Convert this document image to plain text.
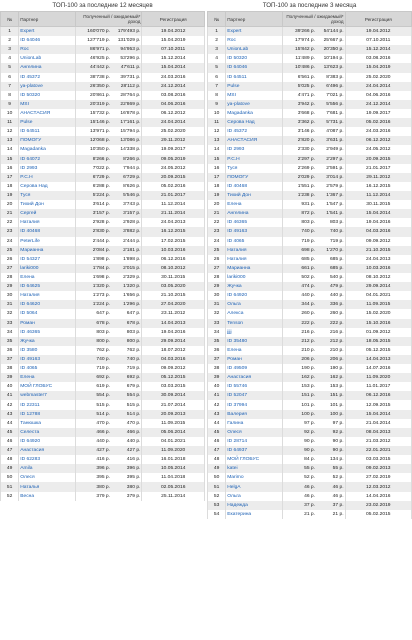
ТОП-100 за последние 12 месяцев
№	Партнер	Полученный / ожидаемый* доход	Регистрация
1	Expert	160'070 p. 179'493 p.	19.04.2012
2	ID 64046	127'719 p. 131'029 p.	15.04.2019
3	Roc	86'971 p. 94'953 p.	07.10.2011
4	UnionLab	46'925 p. 53'296 p.	15.12.2014
5	Ангелина	44'442 p. 47'611 p.	15.04.2014
6	ID 45372	38'738 p. 39'731 p.	24.03.2016
7	ya-platove	26'350 p. 28'112 p.	24.12.2014
8	ID 50320	20'861 p. 28'764 p.	03.08.2016
9	MSI	20'319 p. 22'869 p.	04.06.2016
10	АНАСТАСИЯ	15'732 p. 16'878 p.	06.12.2012
11	Pulse	15'146 p. 17'161 p.	24.04.2014
12	ID 64511	13'971 p. 15'794 p.	25.02.2020
13	ПОМОГУ	12'068 p. 13'086 p.	29.11.2012
14	Magadanka	10'350 p. 14'338 p.	19.09.2017
15	ID 64072	8'266 p. 8'266 p.	09.05.2019
16	ID 2993	7'022 p. 7'944 p.	24.05.2012
17	P.C.H	6'729 p. 6'729 p.	20.09.2015
18	Серова Над	6'288 p. 8'626 p.	05.02.2016
19	Туся	5'224 p. 5'546 p.	21.01.2017
20	Тихий Дон	3'614 p. 3'743 p.	11.12.2014
21	Сергей	3'157 p. 3'157 p.	21.11.2014
22	Наталия	2'928 p. 2'928 p.	24.04.2013
23	ID 40468	2'830 p. 3'882 p.	16.12.2015
24	PeterLife	2'444 p. 2'444 p.	17.02.2015
25	Марианна	2'084 p. 2'181 p.	10.03.2016
26	ID 54327	1'898 p. 1'898 p.	06.12.2016
27	lariki000	1'784 p. 2'015 p.	08.10.2012
28	Елена	1'698 p. 2'329 p.	30.11.2015
29	ID 64625	1'320 p. 1'320 p.	03.05.2020
30	Наталия	1'273 p. 1'656 p.	21.10.2015
31	ID 64620	1'224 p. 1'296 p.	27.04.2020
32	ID 5064	647 p. 647 p.	23.11.2012
33	Роман	678 p. 678 p.	14.04.2013
34	ID 46365	803 p. 803 p.	19.04.2016
35	Жучка	800 p. 800 p.	29.09.2014
36	ID 3580	762 p. 762 p.	18.07.2012
37	ID 49163	740 p. 740 p.	04.03.2016
38	ID 4065	719 p. 719 p.	09.09.2012
39	Елена	692 p. 692 p.	05.12.2015
40	МОЙ ГЛОБУС	619 p. 679 p.	03.03.2015
41	webmaster7	554 p. 554 p.	30.09.2014
42	ID 22311	515 p. 515 p.	21.07.2014
43	ID 12788	514 p. 514 p.	20.09.2013
44	Танюшка	470 p. 470 p.	11.09.2015
45	Селеста	466 p. 466 p.	05.06.2014
46	ID 64920	440 p. 440 p.	04.01.2021
47	Анастасия	427 p. 427 p.	11.09.2020
48	ID 62283	416 p. 416 p.	16.01.2018
49	Amila	396 p. 396 p.	10.05.2014
50	Олеся	395 p. 395 p.	11.04.2018
51	Наталья	380 p. 380 p.	02.05.2016
52	Весна	379 p. 379 p.	25.11.2014
ТОП-100 за последние 3 месяца
№	Партнер	Полученный / ожидаемый* доход	Регистрация
1	Expert	39'266 p. 54'144 p.	19.04.2012
2	Roc	17'974 p. 25'667 p.	07.10.2011
3	UnionLab	15'842 p. 20'350 p.	15.12.2014
4	ID 50320	11'489 p. 10'194 p.	03.08.2016
5	ID 64046	10'486 p. 13'623 p.	15.04.2019
6	ID 64511	6'561 p. 8'383 p.	25.02.2020
7	Pulse	5'025 p. 6'496 p.	24.04.2014
8	MSI	4'471 p. 7'021 p.	04.06.2016
9	ya-platove	3'942 p. 5'556 p.	24.12.2014
10	Magadanka	3'668 p. 7'681 p.	19.09.2017
11	Серова Над	3'362 p. 5'731 p.	05.02.2016
12	ID 45372	3'146 p. 4'087 p.	24.03.2016
13	АНАСТАСИЯ	2'820 p. 3'631 p.	06.12.2012
14	ID 2993	2'330 p. 2'949 p.	24.05.2012
15	P.C.H	2'297 p. 2'297 p.	20.09.2015
16	Туся	2'269 p. 2'591 p.	21.01.2017
17	ПОМОГУ	2'029 p. 3'014 p.	29.11.2012
18	ID 40468	1'551 p. 2'579 p.	16.12.2015
19	Тихий Дон	1'238 p. 1'367 p.	11.12.2014
20	Елена	931 p. 1'547 p.	30.11.2015
21	Ангелина	872 p. 1'541 p.	15.04.2014
22	ID 46365	803 p. 803 p.	19.04.2016
23	ID 49163	740 p. 740 p.	04.03.2016
24	ID 4065	719 p. 719 p.	09.09.2012
25	Наталия	698 p. 1'270 p.	21.10.2015
26	Наталия	685 p. 685 p.	24.04.2013
27	Марианна	661 p. 685 p.	10.03.2016
28	lariki000	502 p. 540 p.	08.10.2012
29	Жучка	474 p. 479 p.	29.09.2014
30	ID 64920	440 p. 440 p.	04.01.2021
31	Ольга	344 p. 336 p.	11.09.2015
32	Алекса	260 p. 260 p.	15.02.2020
33	Tenson	222 p. 222 p.	15.10.2016
34	jjjj	216 p. 216 p.	01.09.2012
35	ID 35480	212 p. 212 p.	18.05.2015
36	Елена	210 p. 210 p.	05.12.2015
37	Роман	206 p. 206 p.	14.04.2013
38	ID 49509	190 p. 190 p.	14.07.2016
39	Анастасия	162 p. 162 p.	11.09.2020
40	ID 55746	153 p. 153 p.	11.01.2017
41	ID 52047	151 p. 151 p.	06.12.2016
42	ID 37994	101 p. 101 p.	12.09.2015
43	Валерия	100 p. 100 p.	15.04.2014
44	Галина	97 p. 97 p.	21.04.2014
45	Олеся	92 p. 92 p.	08.04.2013
46	ID 28714	90 p. 90 p.	21.03.2012
47	ID 64937	90 p. 90 p.	22.01.2021
48	МОЙ ГЛОБУС	84 p. 134 p.	03.03.2015
49	katei	55 p. 55 p.	09.02.2013
50	Marimo	52 p. 52 p.	27.02.2019
51	HelgA	46 p. 46 p.	12.03.2012
52	Ольга	46 p. 46 p.	14.04.2016
53	Надежда	37 p. 37 p.	23.02.2019
54	Екатерина	21 p. 21 p.	05.02.2015
